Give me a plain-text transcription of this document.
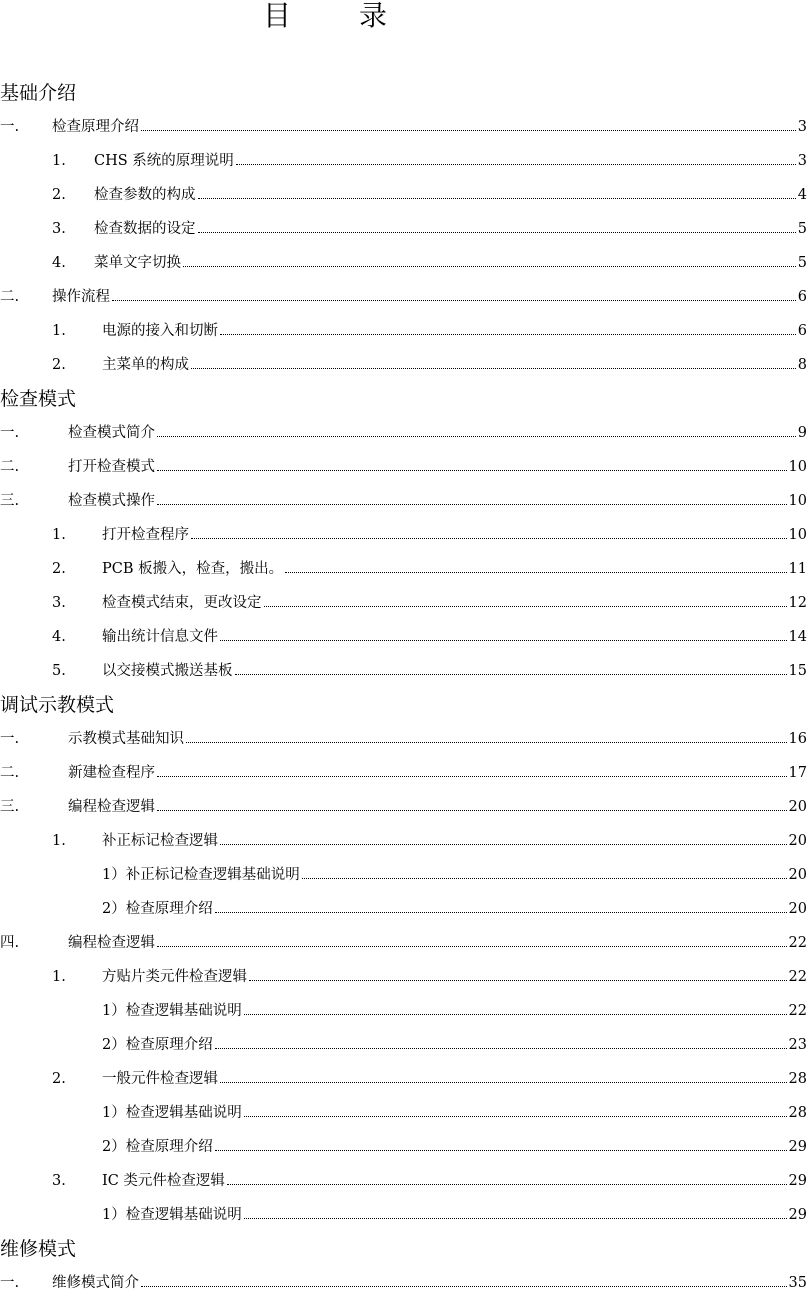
目　录
基础介绍
一.	检查原理介绍	3
1.	CHS 系统的原理说明	3
2.	检查参数的构成	4
3.	检查数据的设定	5
4.	菜单文字切换	5
二.	操作流程	6
1.	电源的接入和切断	6
2.	主菜单的构成	8
检查模式
一.	检查模式简介	9
二.	打开检查模式	10
三.	检查模式操作	10
1.	打开检查程序	10
2.	PCB 板搬入，检查，搬出。	11
3.	检查模式结束，更改设定	12
4.	输出统计信息文件	14
5.	以交接模式搬送基板	15
调试示教模式
一.	示教模式基础知识	16
二.	新建检查程序	17
三.	编程检查逻辑	20
1.	补正标记检查逻辑	20
1）补正标记检查逻辑基础说明	20
2）检查原理介绍	20
四.	编程检查逻辑	22
1.	方贴片类元件检查逻辑	22
1）检查逻辑基础说明	22
2）检查原理介绍	23
2.	一般元件检查逻辑	28
1）检查逻辑基础说明	28
2）检查原理介绍	29
3.	IC 类元件检查逻辑	29
1）检查逻辑基础说明	29
维修模式
一.	维修模式简介	35
